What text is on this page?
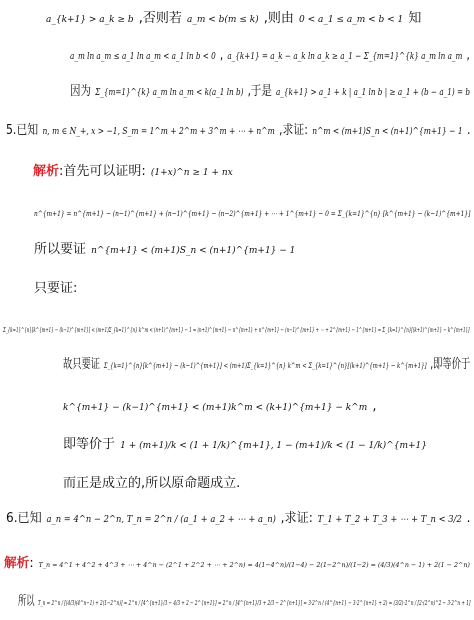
a_{k+1} > a_k ≥ b ,否则若 a_m < b(m ≤ k) ,则由 0 < a_1 ≤ a_m < b < 1 知
a_m ln a_m ≤ a_1 ln a_m < a_1 ln b < 0 , a_{k+1} = a_k − a_k ln a_k ≥ a_1 − Σ_{m=1}^{k} a_m ln a_m ,
因为 Σ_{m=1}^{k} a_m ln a_m < k(a_1 ln b) ,于是 a_{k+1} > a_1 + k | a_1 ln b | ≥ a_1 + (b − a_1) = b
5.已知 n, m ∈ N_+, x > −1, S_m = 1^m + 2^m + 3^m + ⋯ + n^m ,求证: n^m < (m+1)S_n < (n+1)^{m+1} − 1 .
解析:首先可以证明: (1+x)^n ≥ 1 + nx
n^{m+1} = n^{m+1} − (n−1)^{m+1} + (n−1)^{m+1} − (n−2)^{m+1} + ⋯ + 1^{m+1} − 0 = Σ_{k=1}^{n} [k^{m+1} − (k−1)^{m+1}]
所以要证 n^{m+1} < (m+1)S_n < (n+1)^{m+1} − 1
只要证:
Σ_{k=1}^{n}[k^{m+1} − (k−1)^{m+1}] < (m+1)Σ_{k=1}^{n} k^m < (n+1)^{m+1} − 1 = (n+1)^{m+1} − n^{m+1} + n^{m+1} − (n−1)^{m+1} + ⋯ + 2^{m+1} − 1^{m+1} = Σ_{k=1}^{n}[(k+1)^{m+1} − k^{m+1}]
故只要证 Σ_{k=1}^{n}[k^{m+1} − (k−1)^{m+1}] < (m+1)Σ_{k=1}^{n} k^m < Σ_{k=1}^{n}[(k+1)^{m+1} − k^{m+1}] ,即等价于
k^{m+1} − (k−1)^{m+1} < (m+1)k^m < (k+1)^{m+1} − k^m ,
即等价于 1 + (m+1)/k < (1 + 1/k)^{m+1}, 1 − (m+1)/k < (1 − 1/k)^{m+1}
而正是成立的,所以原命题成立.
6.已知 a_n = 4^n − 2^n, T_n = 2^n / (a_1 + a_2 + ⋯ + a_n) ,求证: T_1 + T_2 + T_3 + ⋯ + T_n < 3/2 .
解析: T_n = 4^1 + 4^2 + 4^3 + ⋯ + 4^n − (2^1 + 2^2 + ⋯ + 2^n) = 4(1−4^n)/(1−4) − 2(1−2^n)/(1−2) = (4/3)(4^n − 1) + 2(1 − 2^n)
所以 T_n = 2^n / [(4/3)(4^n−1) + 2(1−2^n)] = 2^n / [4^{n+1}/3 − 4/3 + 2 − 2^{n+1}] = 2^n / [4^{n+1}/3 + 2/3 − 2^{n+1}] = 3·2^n / (4^{n+1} − 3·2^{n+1} + 2) = (3/2)·2^n / [2·(2^n)^2 − 3·2^n + 1]
